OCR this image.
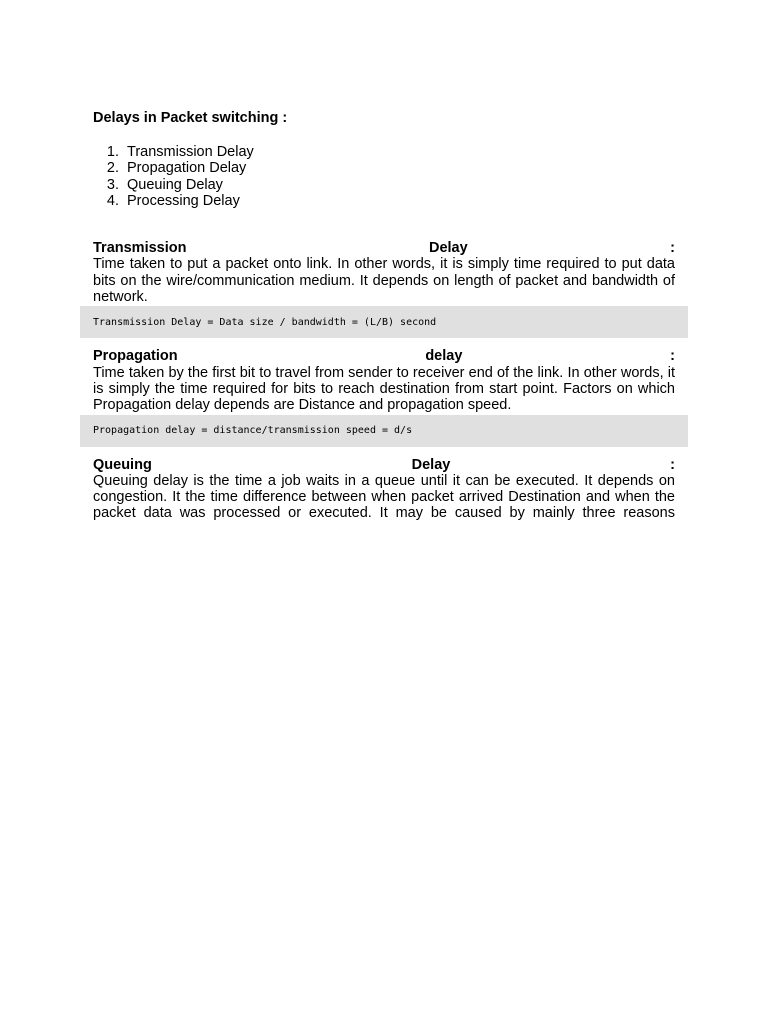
Delays in Packet switching :
1. Transmission Delay
2. Propagation Delay
3. Queuing Delay
4. Processing Delay
Transmission	Delay	:

Time taken to put a packet onto link. In other words, it is simply time required to put data bits on the wire/communication medium. It depends on length of packet and bandwidth of network.

Transmission Delay = Data size / bandwidth = (L/B) second
Propagation	delay	:

Time taken by the first bit to travel from sender to receiver end of the link. In other words, it is simply the time required for bits to reach destination from start point. Factors on which Propagation delay depends are Distance and propagation speed.

Propagation delay = distance/transmission speed = d/s
Queuing	Delay	:

Queuing delay is the time a job waits in a queue until it can be executed. It depends on congestion. It the time difference between when packet arrived Destination and when the packet data was processed or executed. It may be caused by mainly three reasons
